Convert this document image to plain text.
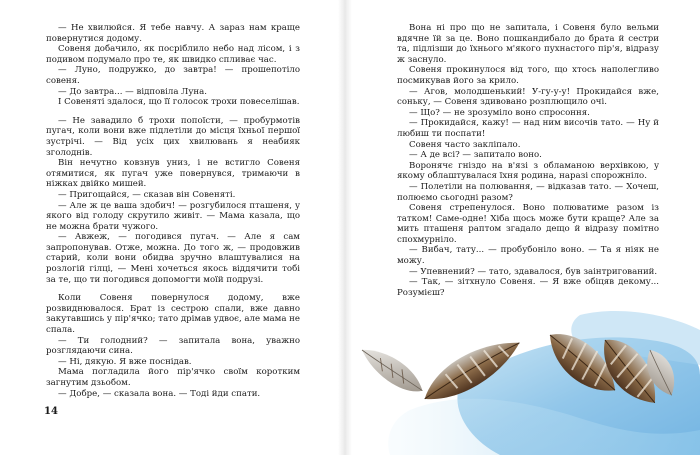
— Не хвилюйся. Я тебе навчу. А зараз нам краще повернутися додому.

Совеня добачило, як посріблило небо над лісом, і з подивом подумало про те, як швидко спливає час.

— Луно, подружко, до завтра! — прошепотіло совеня.

— До завтра... — відповіла Луна.

І Совеняті здалося, що її голосок трохи повеселішав.

— Не завадило б трохи попоїсти, — пробурмотів пугач, коли вони вже підлетіли до місця їхньої першої зустрічі. — Від усіх цих хвилювань я неабияк зголоднів.

Він нечутно ковзнув униз, і не встигло Совеня отямитися, як пугач уже повернувся, тримаючи в ніжках двійко мишей.

— Пригощайся, — сказав він Совеняті.

— Але ж це ваша здобич! — розгубилося пташеня, у якого від голоду скрутило живіт. — Мама казала, що не можна брати чужого.

— Авжеж, — погодився пугач. — Але я сам запропонував. Отже, можна. До того ж, — продовжив старий, коли вони обидва зручно влаштувалися на розлогій гілці, — Мені хочеться якось віддячити тобі за те, що ти погодився допомогти моїй подрузі.

Коли Совеня повернулося додому, вже розвиднювалося. Брат із сестрою спали, вже давно закутавшись у пір'ячко; тато дрімав удвоє, але мама не спала.

— Ти голодний? — запитала вона, уважно розглядаючи сина.

— Ні, дякую. Я вже поснідав.

Мама погладила його пір'ячко своїм коротким загнутим дзьобом.

— Добре, — сказала вона. — Тоді йди спати.

14

Вона ні про що не запитала, і Совеня було вельми вдячне їй за це. Воно пошкандибало до брата й сестри та, підлізши до їхнього м'якого пухнастого пір'я, відразу ж заснуло.

Совеня прокинулося від того, що хтось наполегливо посмикував його за крило.

— Агов, молодшенький! У-гу-у-у! Прокидайся вже, соньку, — Совеня здивовано розплющило очі.

— Що? — не зрозуміло воно спросоння.

— Прокидайся, кажу! — над ним височів тато. — Ну й любиш ти поспати!

Совеня часто закліпало.

— А де всі? — запитало воно.

Воронячє гніздо на в'язі з обламаною верхівкою, у якому облаштувалася їхня родина, наразі спорожніло.

— Полетіли на полювання, — відказав тато. — Хочеш, полюємо сьогодні разом?

Совеня стрепенулося. Воно полюватиме разом із татком! Саме-одне! Хіба щось може бути краще? Але за мить пташеня раптом згадало дещо й відразу помітно спохмурніло.

— Вибач, тату... — пробубоніло воно. — Та я ніяк не можу.

— Упевнений? — тато, здавалося, був заінтригований.

— Так, — зітхнуло Совеня. — Я вже обіцяв декому... Розумієш?
